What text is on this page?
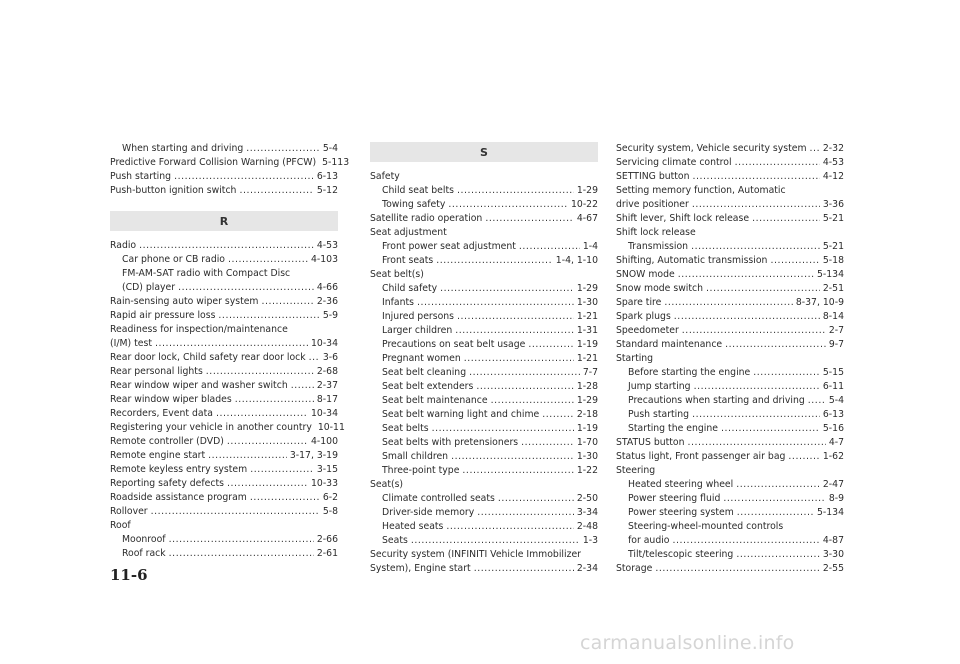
When starting and driving . . .	5-4
Predictive Forward Collision Warning (PFCW) 5-113
Push starting . . .	6-13
Push-button ignition switch . . .	5-12
R
Radio . . .	4-53
Car phone or CB radio . . .	4-103
FM-AM-SAT radio with Compact Disc
(CD) player . . .	4-66
Rain-sensing auto wiper system . . .	2-36
Rapid air pressure loss . . .	5-9
Readiness for inspection/maintenance
(I/M) test . . .	10-34
Rear door lock, Child safety rear door lock . . . 3-6
Rear personal lights . . .	2-68
Rear window wiper and washer switch . . .	2-37
Rear window wiper blades . . .	8-17
Recorders, Event data . . .	10-34
Registering your vehicle in another country 10-11
Remote controller (DVD) . . .	4-100
Remote engine start . . .	3-17, 3-19
Remote keyless entry system . . .	3-15
Reporting safety defects . . .	10-33
Roadside assistance program . . .	6-2
Rollover . . .	5-8
Roof
Moonroof . . .	2-66
Roof rack . . .	2-61
S
Safety
Child seat belts . . .	1-29
Towing safety . . .	10-22
Satellite radio operation . . .	4-67
Seat adjustment
Front power seat adjustment . . .	1-4
Front seats . . .	1-4, 1-10
Seat belt(s)
Child safety . . .	1-29
Infants . . .	1-30
Injured persons . . .	1-21
Larger children . . .	1-31
Precautions on seat belt usage . . .	1-19
Pregnant women . . .	1-21
Seat belt cleaning . . .	7-7
Seat belt extenders . . .	1-28
Seat belt maintenance . . .	1-29
Seat belt warning light and chime . . .	2-18
Seat belts . . .	1-19
Seat belts with pretensioners . . .	1-70
Small children . . .	1-30
Three-point type . . .	1-22
Seat(s)
Climate controlled seats . . .	2-50
Driver-side memory . . .	3-34
Heated seats . . .	2-48
Seats . . .	1-3
Security system (INFINITI Vehicle Immobilizer
System), Engine start . . .	2-34
Security system, Vehicle security system . . . 2-32
Servicing climate control . . .	4-53
SETTING button . . .	4-12
Setting memory function, Automatic
drive positioner . . .	3-36
Shift lever, Shift lock release . . .	5-21
Shift lock release
Transmission . . .	5-21
Shifting, Automatic transmission . . .	5-18
SNOW mode . . .	5-134
Snow mode switch . . .	2-51
Spare tire . . .	8-37, 10-9
Spark plugs . . .	8-14
Speedometer . . .	2-7
Standard maintenance . . .	9-7
Starting
Before starting the engine . . .	5-15
Jump starting . . .	6-11
Precautions when starting and driving . . .	5-4
Push starting . . .	6-13
Starting the engine . . .	5-16
STATUS button . . .	4-7
Status light, Front passenger air bag . . .	1-62
Steering
Heated steering wheel . . .	2-47
Power steering fluid . . .	8-9
Power steering system . . .	5-134
Steering-wheel-mounted controls
for audio . . .	4-87
Tilt/telescopic steering . . .	3-30
Storage . . .	2-55
11-6
carmanualsonline.info
